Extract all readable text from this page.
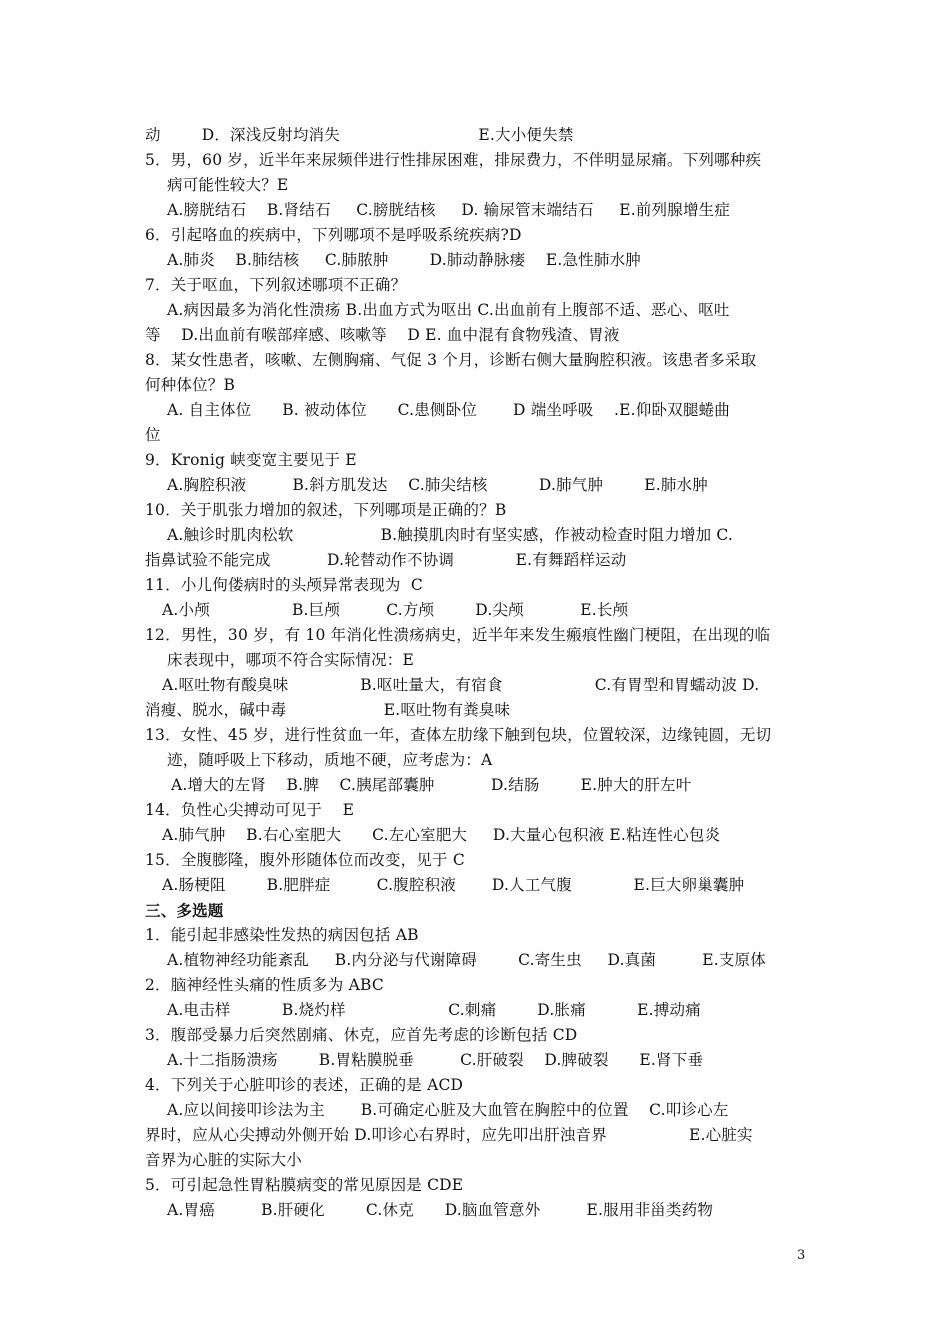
动        D．深浅反射均消失                           E.大小便失禁
5．男，60 岁，近半年来尿频伴进行性排尿困难，排尿费力，不伴明显尿痛。下列哪种疾
病可能性较大？E
A.膀胱结石    B.肾结石     C.膀胱结核     D. 输尿管末端结石     E.前列腺增生症
6．引起咯血的疾病中，下列哪项不是呼吸系统疾病?D
A.肺炎    B.肺结核     C.肺脓肿        D.肺动静脉瘘    E.急性肺水肿
7．关于呕血，下列叙述哪项不正确？
A.病因最多为消化性溃疡 B.出血方式为呕出 C.出血前有上腹部不适、恶心、呕吐
等    D.出血前有喉部痒感、咳嗽等    D E. 血中混有食物残渣、胃液
8．某女性患者，咳嗽、左侧胸痛、气促 3 个月，诊断右侧大量胸腔积液。该患者多采取
何种体位？B
A. 自主体位      B. 被动体位      C.患侧卧位       D 端坐呼吸    .E.仰卧双腿蜷曲
位
9．Kronig 峡变宽主要见于 E
A.胸腔积液         B.斜方肌发达    C.肺尖结核          D.肺气肿        E.肺水肿
10．关于肌张力增加的叙述，下列哪项是正确的？B
A.触诊时肌肉松软                 B.触摸肌肉时有坚实感，作被动检查时阻力增加 C.
指鼻试验不能完成           D.轮替动作不协调            E.有舞蹈样运动
11．小儿佝偻病时的头颅异常表现为  C
A.小颅                B.巨颅         C.方颅        D.尖颅           E.长颅
12．男性，30 岁，有 10 年消化性溃疡病史，近半年来发生瘢痕性幽门梗阻，在出现的临
床表现中，哪项不符合实际情况：E
A.呕吐物有酸臭味              B.呕吐量大，有宿食                  C.有胃型和胃蠕动波 D.
消瘦、脱水，碱中毒                   E.呕吐物有粪臭味
13．女性、45 岁，进行性贫血一年，查体左肋缘下触到包块，位置较深，边缘钝圆，无切
迹，随呼吸上下移动，质地不硬，应考虑为：A
A.增大的左肾    B.脾    C.胰尾部囊肿           D.结肠        E.肿大的肝左叶
14．负性心尖搏动可见于    E
A.肺气肿    B.右心室肥大      C.左心室肥大     D.大量心包积液 E.粘连性心包炎
15．全腹膨隆，腹外形随体位而改变，见于 C
A.肠梗阻        B.肥胖症         C.腹腔积液       D.人工气腹            E.巨大卵巢囊肿
三、多选题
1．能引起非感染性发热的病因包括 AB
A.植物神经功能紊乱     B.内分泌与代谢障碍        C.寄生虫     D.真菌         E.支原体
2．脑神经性头痛的性质多为 ABC
A.电击样          B.烧灼样                    C.刺痛        D.胀痛          E.搏动痛
3．腹部受暴力后突然剧痛、休克，应首先考虑的诊断包括 CD
A.十二指肠溃疡        B.胃粘膜脱垂         C.肝破裂    D.脾破裂      E.肾下垂
4．下列关于心脏叩诊的表述，正确的是 ACD
A.应以间接叩诊法为主       B.可确定心脏及大血管在胸腔中的位置    C.叩诊心左
界时，应从心尖搏动外侧开始 D.叩诊心右界时，应先叩出肝浊音界                E.心脏实
音界为心脏的实际大小
5．可引起急性胃粘膜病变的常见原因是 CDE
A.胃癌         B.肝硬化        C.休克      D.脑血管意外         E.服用非甾类药物
3
